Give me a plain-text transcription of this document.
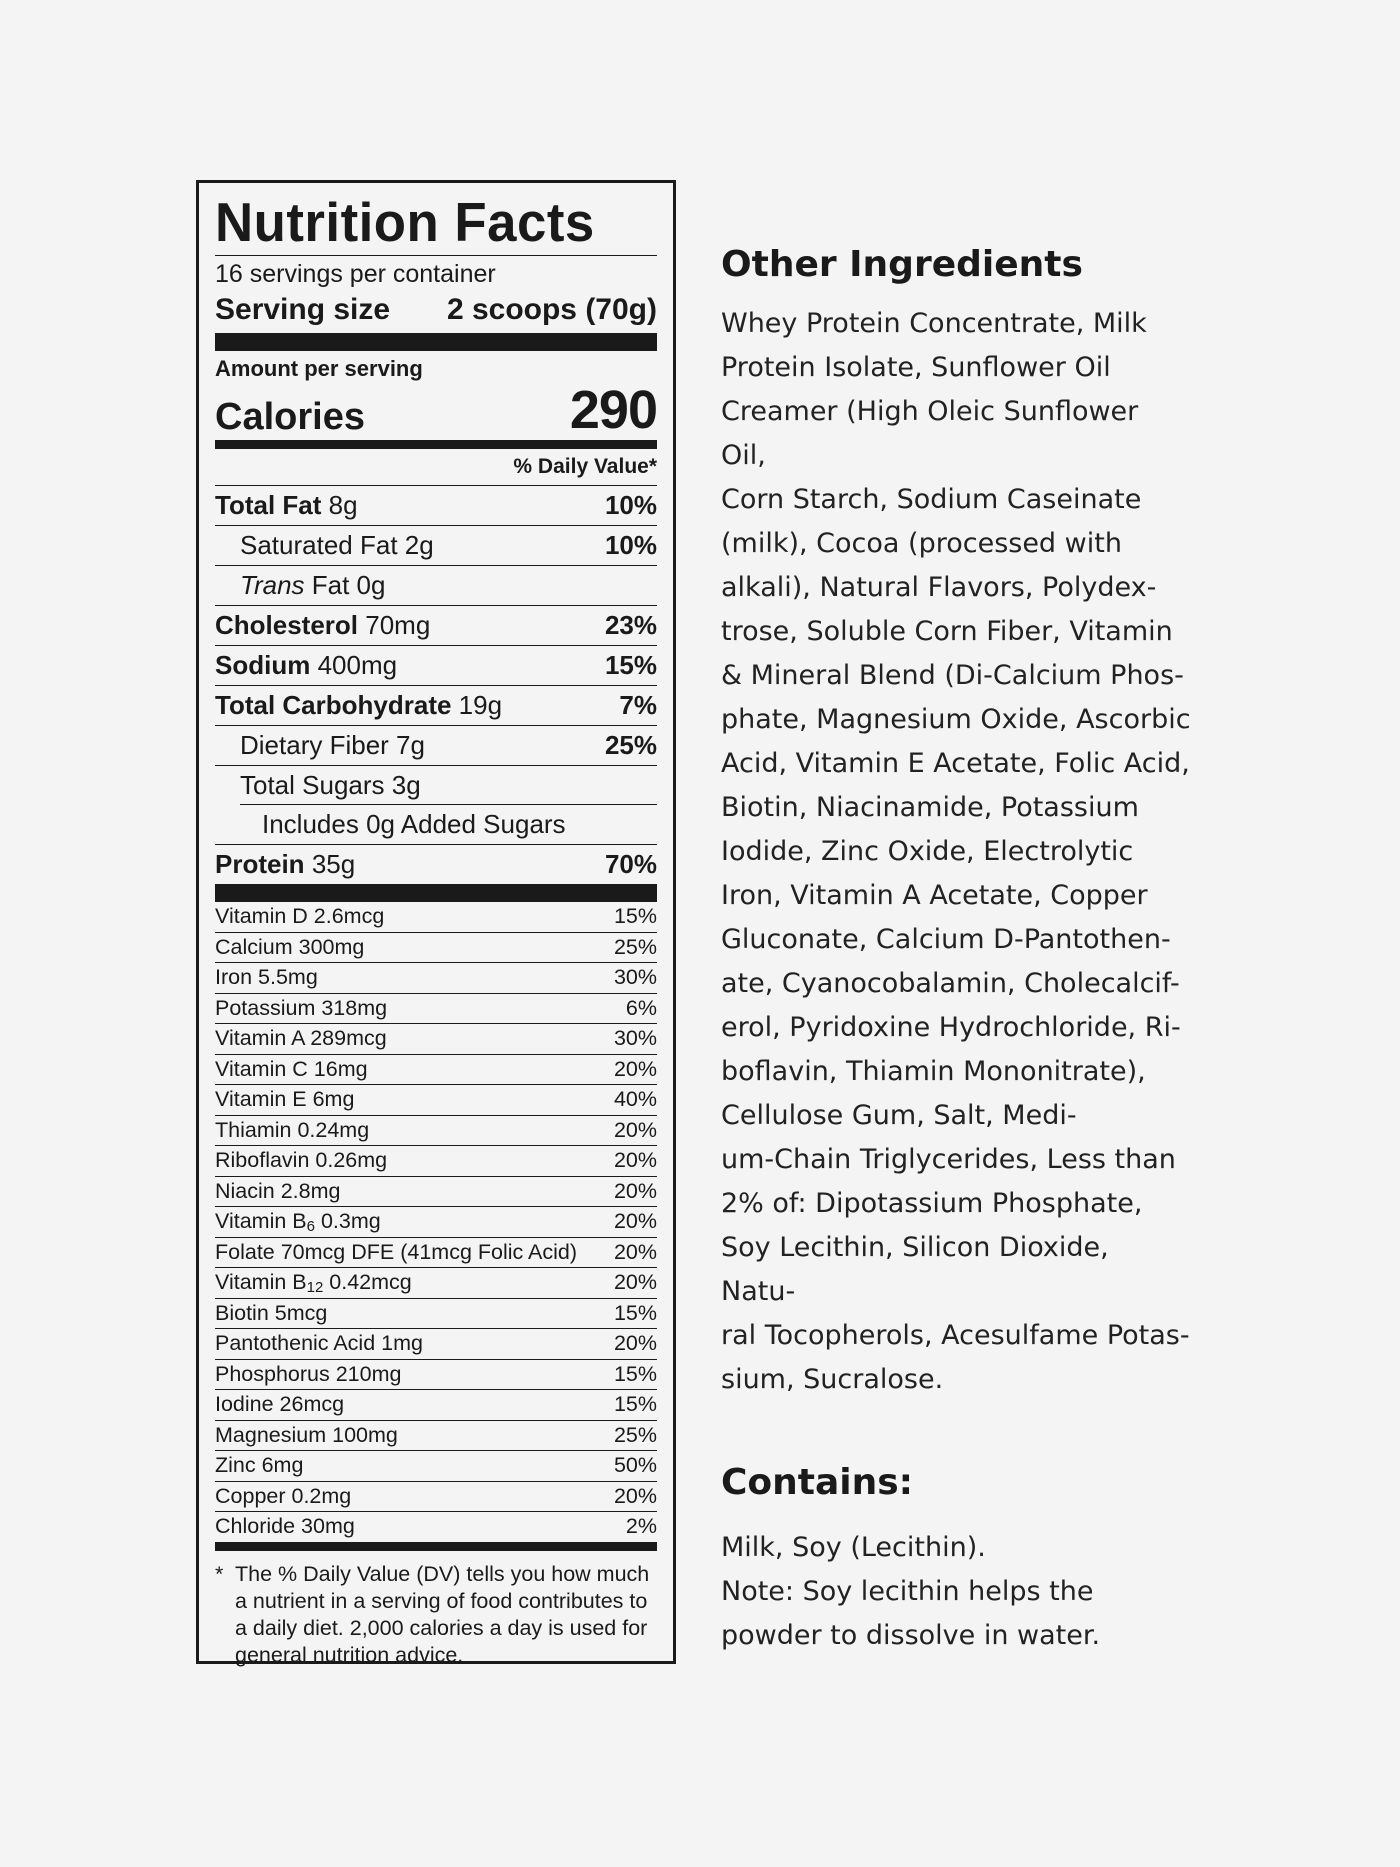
Nutrition Facts
16 servings per container
Serving size 2 scoops (70g)
Amount per serving
Calories	290
% Daily Value*
Total Fat 8g	10%
Saturated Fat 2g	10%
Trans Fat 0g
Cholesterol 70mg	23%
Sodium 400mg	15%
Total Carbohydrate 19g	7%
Dietary Fiber 7g	25%
Total Sugars 3g
Includes 0g Added Sugars
Protein 35g	70%
Vitamin D 2.6mcg	15%
Calcium 300mg	25%
Iron 5.5mg	30%
Potassium 318mg	6%
Vitamin A 289mcg	30%
Vitamin C 16mg	20%
Vitamin E 6mg	40%
Thiamin 0.24mg	20%
Riboflavin 0.26mg	20%
Niacin 2.8mg	20%
Vitamin $B_6$ 0.3mg	20%
Folate 70mcg DFE (41mcg Folic Acid) 20%
Vitamin $B_{12}$ 0.42mcg	20%
Biotin 5mcg	15%
Pantothenic Acid 1mg	20%
Phosphorus 210mg	15%
Iodine 26mcg	15%
Magnesium 100mg	25%
Zinc 6mg	50%
Copper 0.2mg	20%
Chloride 30mg	2%
* The % Daily Value (DV) tells you how much a nutrient in a serving of food contributes to a daily diet. 2,000 calories a day is used for general nutrition advice.
Other Ingredients
Whey Protein Concentrate, Milk
Protein Isolate, Sunflower Oil
Creamer (High Oleic Sunflower Oil,
Corn Starch, Sodium Caseinate
(milk), Cocoa (processed with
alkali), Natural Flavors, Polydex-
trose, Soluble Corn Fiber, Vitamin
& Mineral Blend (Di-Calcium Phos-
phate, Magnesium Oxide, Ascorbic
Acid, Vitamin E Acetate, Folic Acid,
Biotin, Niacinamide, Potassium
Iodide, Zinc Oxide, Electrolytic
Iron, Vitamin A Acetate, Copper
Gluconate, Calcium D-Pantothen-
ate, Cyanocobalamin, Cholecalcif-
erol, Pyridoxine Hydrochloride, Ri-
boflavin, Thiamin Mononitrate),
Cellulose Gum, Salt, Medi-
um-Chain Triglycerides, Less than
2% of: Dipotassium Phosphate,
Soy Lecithin, Silicon Dioxide, Natu-
ral Tocopherols, Acesulfame Potas-
sium, Sucralose.
Contains:
Milk, Soy (Lecithin).
Note: Soy lecithin helps the
powder to dissolve in water.
